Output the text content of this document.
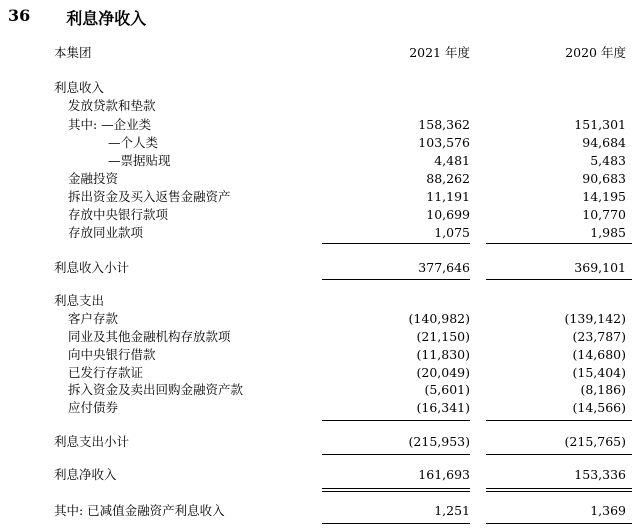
36 利息净收入
本集团	2021 年度	2020 年度
利息收入
发放贷款和垫款
其中: —企业类	158,362	151,301
—个人类	103,576	94,684
—票据贴现	4,481	5,483
金融投资	88,262	90,683
拆出资金及买入返售金融资产	11,191	14,195
存放中央银行款项	10,699	10,770
存放同业款项	1,075	1,985
利息收入小计	377,646	369,101
利息支出
客户存款	(140,982)	(139,142)
同业及其他金融机构存放款项	(21,150)	(23,787)
向中央银行借款	(11,830)	(14,680)
已发行存款证	(20,049)	(15,404)
拆入资金及卖出回购金融资产款	(5,601)	(8,186)
应付债券	(16,341)	(14,566)
利息支出小计	(215,953)	(215,765)
利息净收入	161,693	153,336
其中: 已减值金融资产利息收入	1,251	1,369
